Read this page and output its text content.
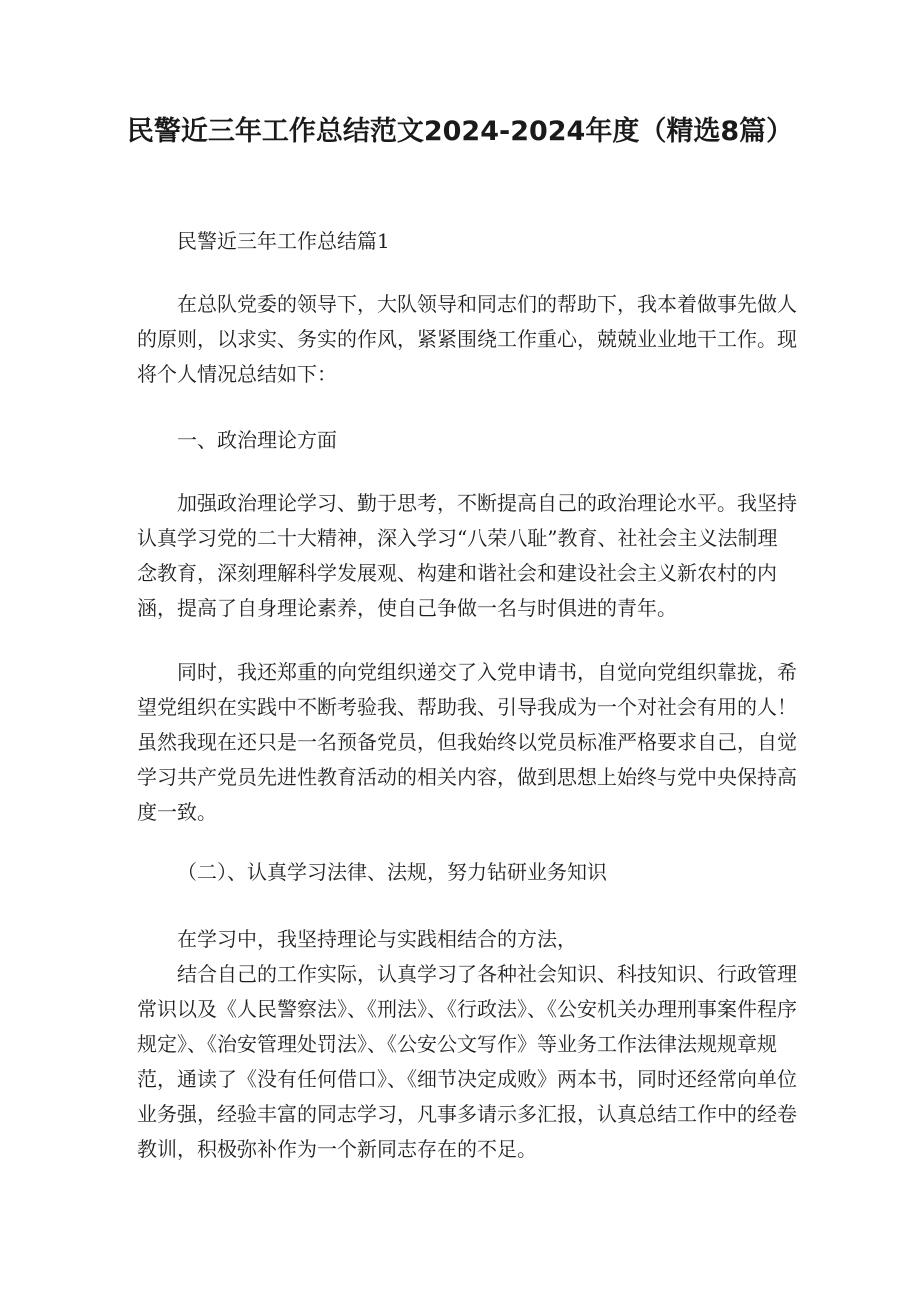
民警近三年工作总结范文2024-2024年度（精选8篇）
民警近三年工作总结篇1

在总队党委的领导下，大队领导和同志们的帮助下，我本着做事先做人的原则，以求实、务实的作风，紧紧围绕工作重心，兢兢业业地干工作。现将个人情况总结如下：

一、政治理论方面

加强政治理论学习、勤于思考，不断提高自己的政治理论水平。我坚持认真学习党的二十大精神，深入学习“八荣八耻”教育、社社会主义法制理念教育，深刻理解科学发展观、构建和谐社会和建设社会主义新农村的内涵，提高了自身理论素养，使自己争做一名与时俱进的青年。

同时，我还郑重的向党组织递交了入党申请书，自觉向党组织靠拢，希望党组织在实践中不断考验我、帮助我、引导我成为一个对社会有用的人！虽然我现在还只是一名预备党员，但我始终以党员标准严格要求自己，自觉学习共产党员先进性教育活动的相关内容，做到思想上始终与党中央保持高度一致。

（二）、认真学习法律、法规，努力钻研业务知识
在学习中，我坚持理论与实践相结合的方法，

结合自己的工作实际，认真学习了各种社会知识、科技知识、行政管理常识以及《人民警察法》、《刑法》、《行政法》、《公安机关办理刑事案件程序规定》、《治安管理处罚法》、《公安公文写作》等业务工作法律法规规章规范，通读了《没有任何借口》、《细节决定成败》两本书，同时还经常向单位业务强，经验丰富的同志学习，凡事多请示多汇报，认真总结工作中的经卷教训，积极弥补作为一个新同志存在的不足。
